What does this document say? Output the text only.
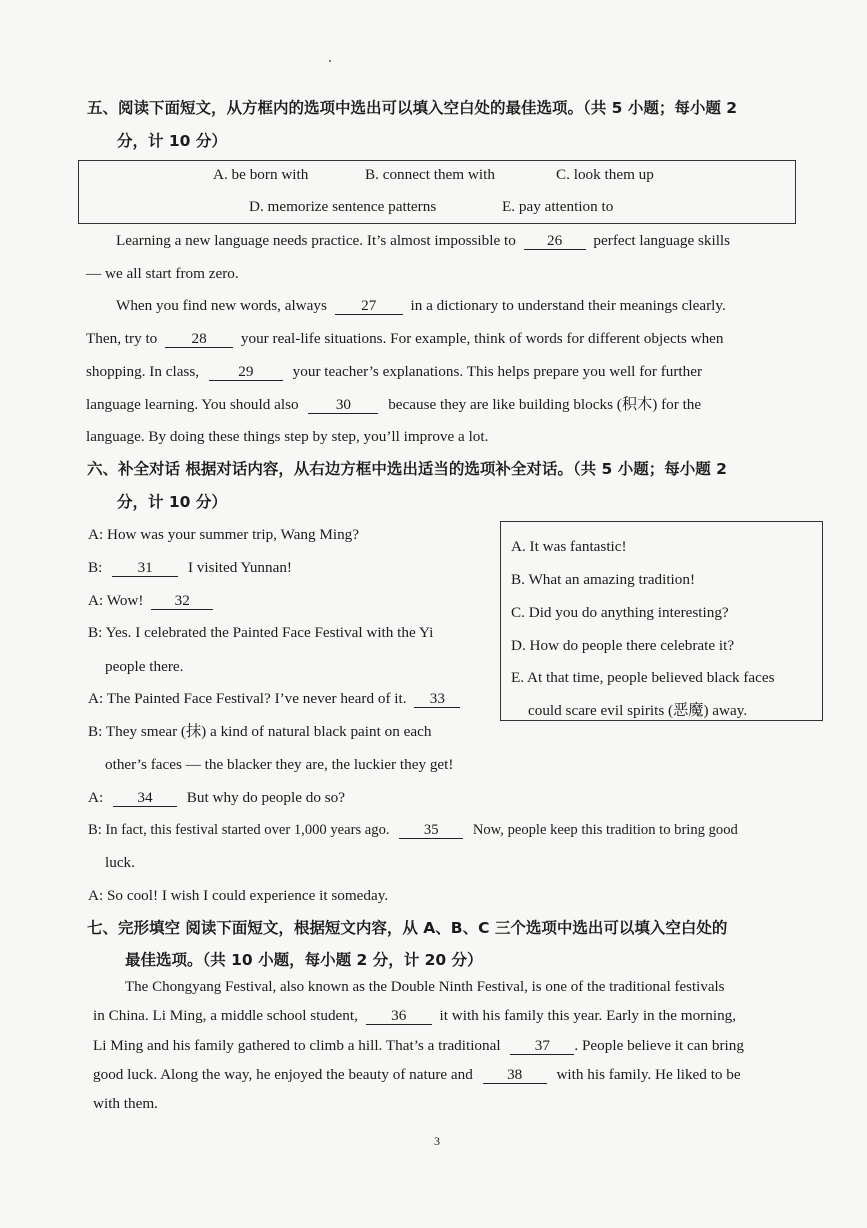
五、阅读下面短文，从方框内的选项中选出可以填入空白处的最佳选项。（共 5 小题；每小题 2
分，计 10 分）
A. be born with	B. connect them with	C. look them up
D. memorize sentence patterns	E. pay attention to
Learning a new language needs practice. It’s almost impossible to 26 perfect language skills
— we all start from zero.
When you find new words, always 27 in a dictionary to understand their meanings clearly.
Then, try to 28 your real-life situations. For example, think of words for different objects when
shopping. In class,	29	your teacher’s explanations. This helps prepare you well for further
language learning. You should also 30 because they are like building blocks (积木) for the
language. By doing these things step by step, you’ll improve a lot.
六、补全对话 根据对话内容，从右边方框中选出适当的选项补全对话。（共 5 小题；每小题 2
分，计 10 分）
A. It was fantastic!
B. What an amazing tradition!
C. Did you do anything interesting?
D. How do people there celebrate it?
E. At that time, people believed black faces
could scare evil spirits (恶魔) away.
A: How was your summer trip, Wang Ming?
B: 31 I visited Yunnan!
A: Wow! 32
B: Yes. I celebrated the Painted Face Festival with the Yi
people there.
A: The Painted Face Festival? I’ve never heard of it. 33
B: They smear (抹) a kind of natural black paint on each
other’s faces — the blacker they are, the luckier they get!
A: 34 But why do people do so?
B: In fact, this festival started over 1,000 years ago. 35 Now, people keep this tradition to bring good
luck.
A: So cool! I wish I could experience it someday.
七、完形填空 阅读下面短文，根据短文内容，从 A、B、C 三个选项中选出可以填入空白处的
最佳选项。（共 10 小题，每小题 2 分，计 20 分）
The Chongyang Festival, also known as the Double Ninth Festival, is one of the traditional festivals
in China. Li Ming, a middle school student, 36 it with his family this year. Early in the morning,
Li Ming and his family gathered to climb a hill. That’s a traditional 37 . People believe it can bring
good luck. Along the way, he enjoyed the beauty of nature and 38 with his family. He liked to be
with them.
3
